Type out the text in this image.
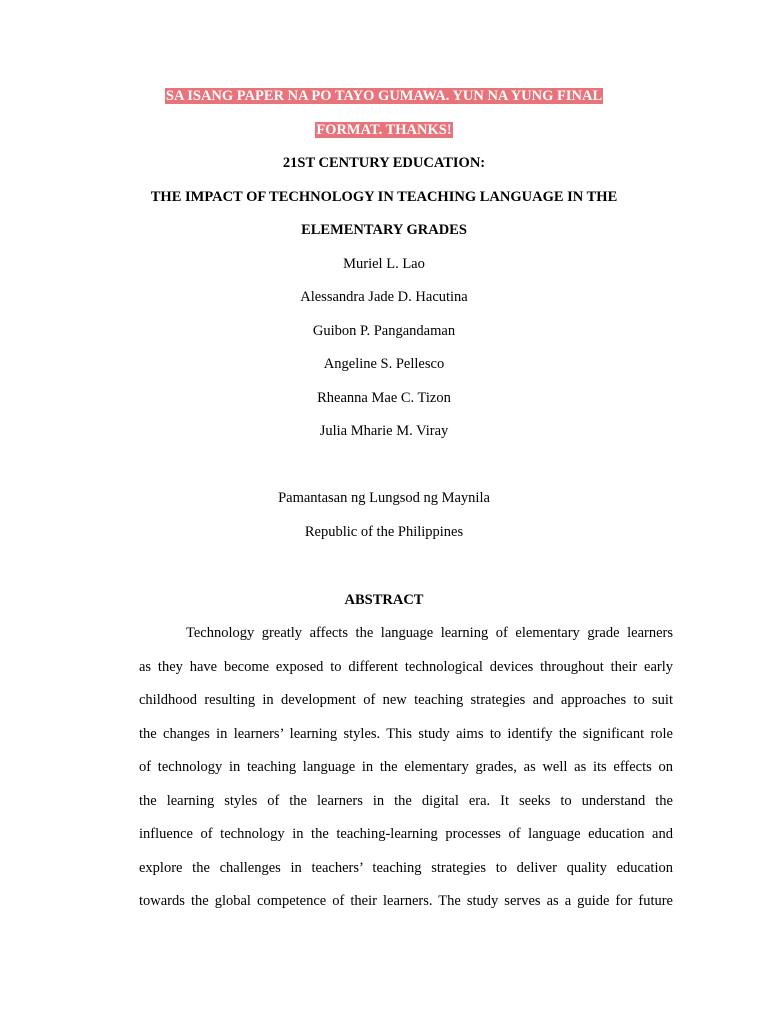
SA ISANG PAPER NA PO TAYO GUMAWA. YUN NA YUNG FINAL
FORMAT. THANKS!
21ST CENTURY EDUCATION:
THE IMPACT OF TECHNOLOGY IN TEACHING LANGUAGE IN THE
ELEMENTARY GRADES
Muriel L. Lao
Alessandra Jade D. Hacutina
Guibon P. Pangandaman
Angeline S. Pellesco
Rheanna Mae C. Tizon
Julia Mharie M. Viray
Pamantasan ng Lungsod ng Maynila
Republic of the Philippines
ABSTRACT
Technology greatly affects the language learning of elementary grade learners
as they have become exposed to different technological devices throughout their early
childhood resulting in development of new teaching strategies and approaches to suit
the changes in learners’ learning styles. This study aims to identify the significant role
of technology in teaching language in the elementary grades, as well as its effects on
the learning styles of the learners in the digital era. It seeks to understand the
influence of technology in the teaching-learning processes of language education and
explore the challenges in teachers’ teaching strategies to deliver quality education
towards the global competence of their learners. The study serves as a guide for future
